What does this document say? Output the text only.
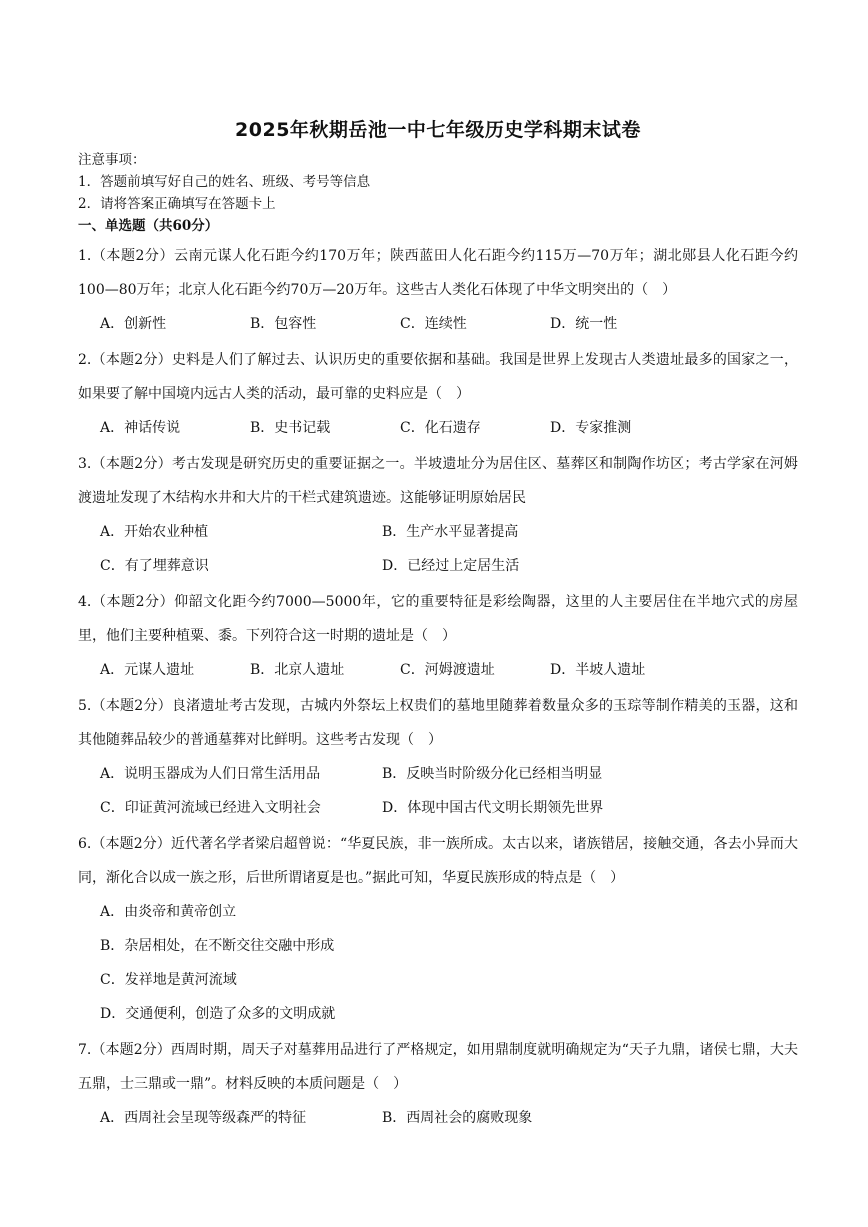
2025年秋期岳池一中七年级历史学科期末试卷
注意事项：
1．答题前填写好自己的姓名、班级、考号等信息
2．请将答案正确填写在答题卡上
一、单选题（共60分）
1.（本题2分）云南元谋人化石距今约170万年；陕西蓝田人化石距今约115万—70万年；湖北郧县人化石距今约100—80万年；北京人化石距今约70万—20万年。这些古人类化石体现了中华文明突出的（　）
A．创新性	B．包容性	C．连续性	D．统一性
2.（本题2分）史料是人们了解过去、认识历史的重要依据和基础。我国是世界上发现古人类遗址最多的国家之一，如果要了解中国境内远古人类的活动，最可靠的史料应是（　）
A．神话传说	B．史书记载	C．化石遗存	D．专家推测
3.（本题2分）考古发现是研究历史的重要证据之一。半坡遗址分为居住区、墓葬区和制陶作坊区；考古学家在河姆渡遗址发现了木结构水井和大片的干栏式建筑遗迹。这能够证明原始居民
A．开始农业种植	B．生产水平显著提高
C．有了埋葬意识	D．已经过上定居生活
4.（本题2分）仰韶文化距今约7000—5000年，它的重要特征是彩绘陶器，这里的人主要居住在半地穴式的房屋里，他们主要种植粟、黍。下列符合这一时期的遗址是（　）
A．元谋人遗址	B．北京人遗址	C．河姆渡遗址	D．半坡人遗址
5.（本题2分）良渚遗址考古发现，古城内外祭坛上权贵们的墓地里随葬着数量众多的玉琮等制作精美的玉器，这和其他随葬品较少的普通墓葬对比鲜明。这些考古发现（　）
A．说明玉器成为人们日常生活用品	B．反映当时阶级分化已经相当明显
C．印证黄河流域已经进入文明社会	D．体现中国古代文明长期领先世界
6.（本题2分）近代著名学者梁启超曾说：“华夏民族，非一族所成。太古以来，诸族错居，接触交通，各去小异而大同，渐化合以成一族之形，后世所谓诸夏是也。”据此可知，华夏民族形成的特点是（　）
A．由炎帝和黄帝创立
B．杂居相处，在不断交往交融中形成
C．发祥地是黄河流域
D．交通便利，创造了众多的文明成就
7.（本题2分）西周时期，周天子对墓葬用品进行了严格规定，如用鼎制度就明确规定为“天子九鼎，诸侯七鼎，大夫五鼎，士三鼎或一鼎”。材料反映的本质问题是（　）
A．西周社会呈现等级森严的特征	B．西周社会的腐败现象
